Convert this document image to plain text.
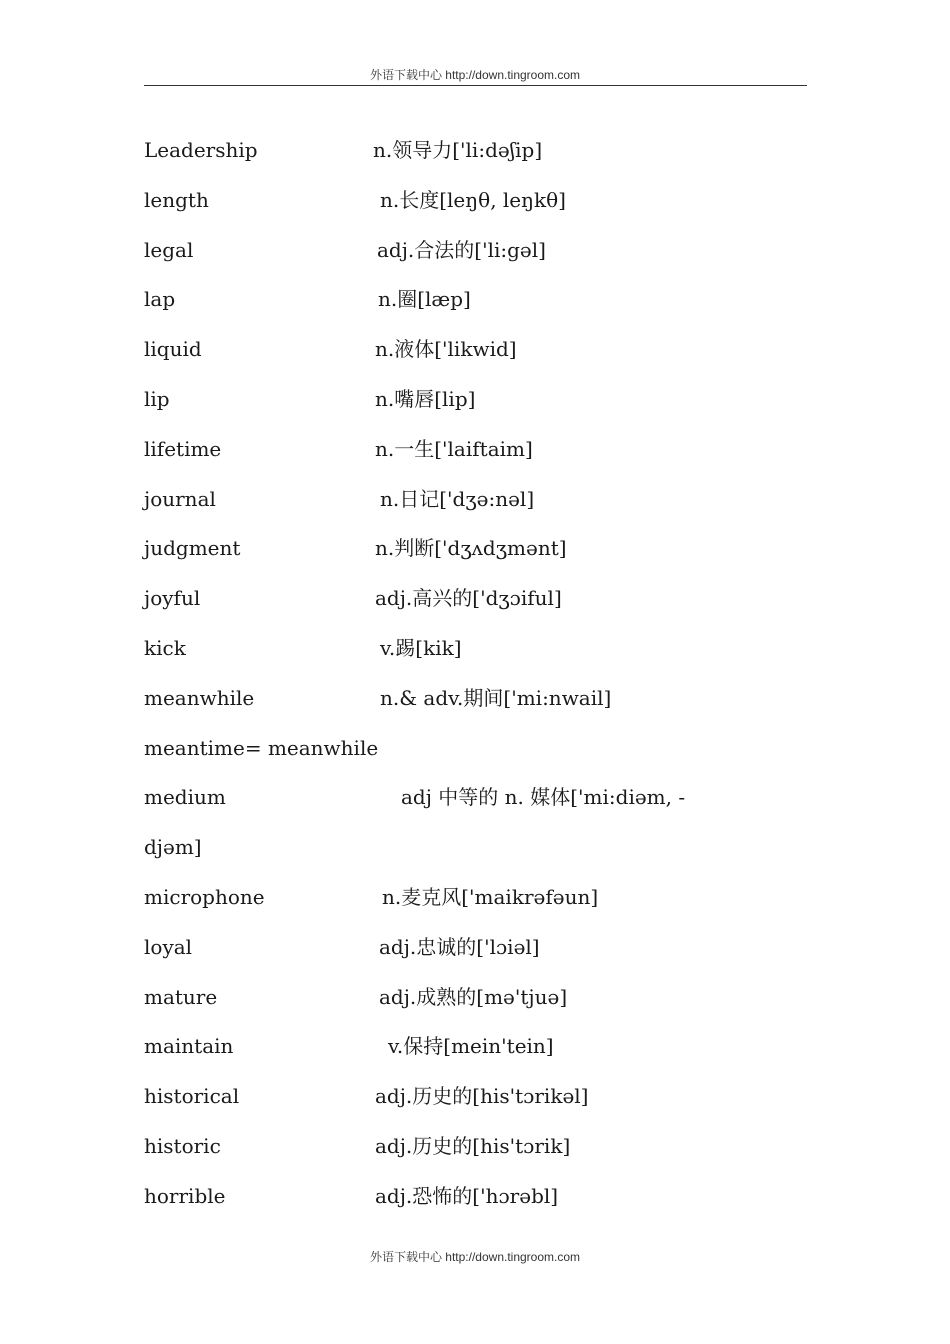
外语下载中心 http://down.tingroom.com
Leadership	n.领导力['li:dəʃip]
length	n.长度[leŋθ, leŋkθ]
legal	adj.合法的['li:gəl]
lap	n.圈[læp]
liquid	n.液体['likwid]
lip	n.嘴唇[lip]
lifetime	n.一生['laiftaim]
journal	n.日记['dʒə:nəl]
judgment	n.判断['dʒʌdʒmənt]
joyful	adj.高兴的['dʒɔiful]
kick	v.踢[kik]
meanwhile	n.& adv.期间['mi:nwail]
meantime= meanwhile
medium	adj 中等的 n. 媒体['mi:diəm, -
djəm]
microphone	n.麦克风['maikrəfəun]
loyal	adj.忠诚的['lɔiəl]
mature	adj.成熟的[mə'tjuə]
maintain	v.保持[mein'tein]
historical	adj.历史的[his'tɔrikəl]
historic	adj.历史的[his'tɔrik]
horrible	adj.恐怖的['hɔrəbl]
外语下载中心 http://down.tingroom.com
